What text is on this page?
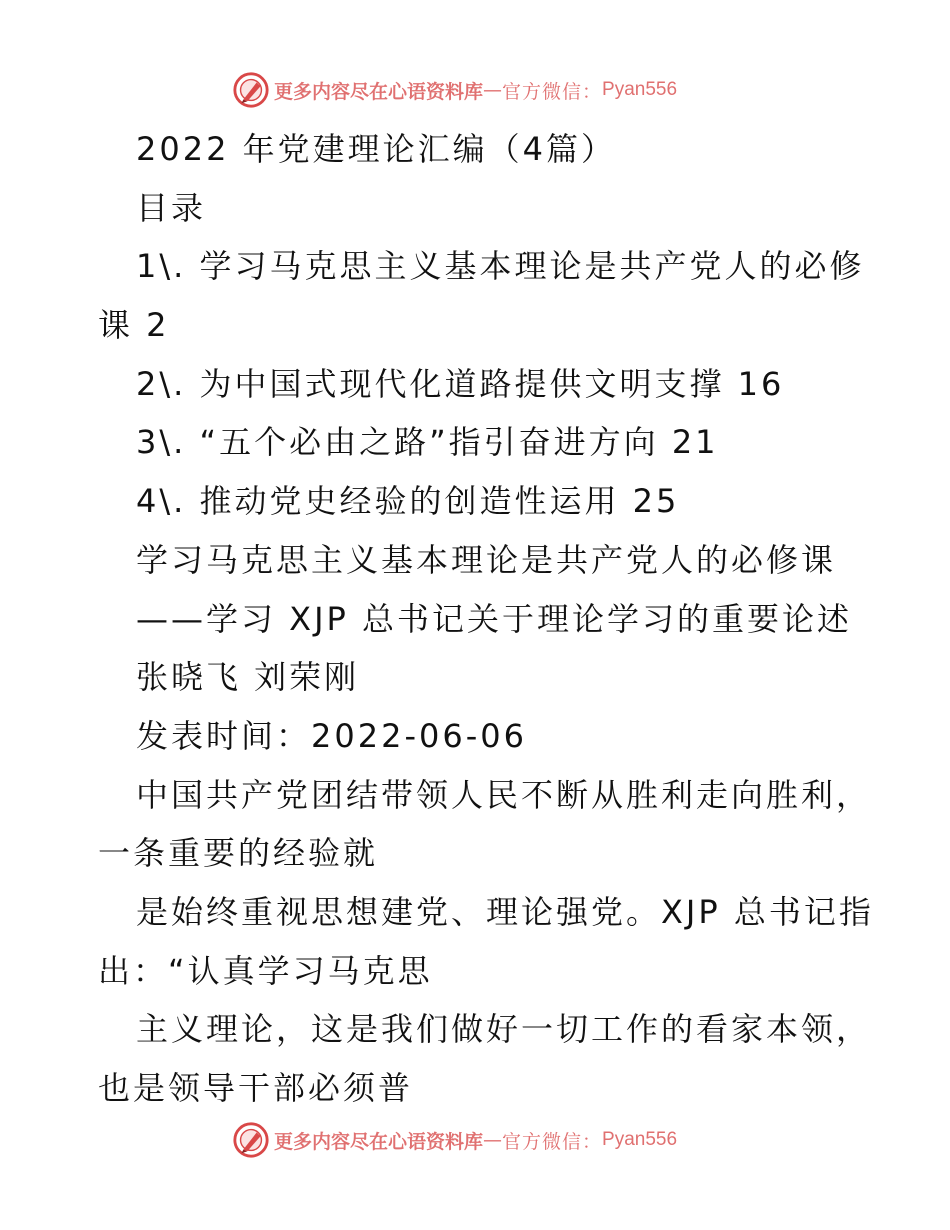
更多内容尽在心语资料库 — 官方微信： Pyan556
2022 年党建理论汇编（4篇）
目录
1\. 学习马克思主义基本理论是共产党人的必修
课 2
2\. 为中国式现代化道路提供文明支撑 16
3\. “五个必由之路”指引奋进方向 21
4\. 推动党史经验的创造性运用 25
学习马克思主义基本理论是共产党人的必修课
——学习 XJP 总书记关于理论学习的重要论述
张晓飞 刘荣刚
发表时间：2022-06-06
中国共产党团结带领人民不断从胜利走向胜利，
一条重要的经验就
是始终重视思想建党、理论强党。XJP 总书记指
出：“认真学习马克思
主义理论，这是我们做好一切工作的看家本领，
也是领导干部必须普
更多内容尽在心语资料库 — 官方微信： Pyan556
